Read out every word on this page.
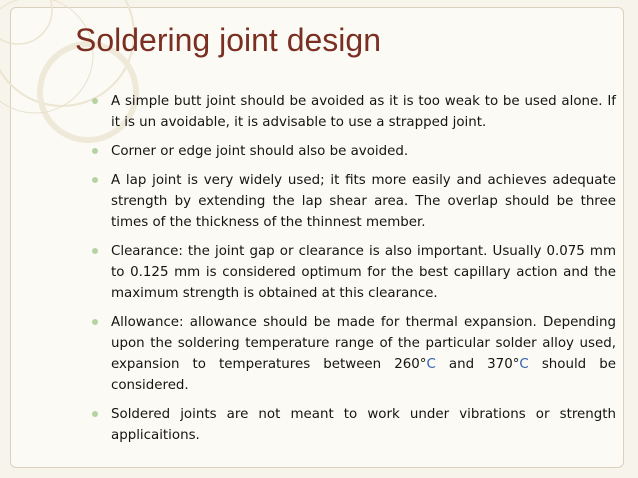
Soldering joint design
A simple butt joint should be avoided as it is too weak to be used alone. If it is un avoidable, it is advisable to use a strapped joint.
Corner or edge joint should also be avoided.
A lap joint is very widely used; it fits more easily and achieves adequate strength by extending the lap shear area. The overlap should be three times of the thickness of the thinnest member.
Clearance: the joint gap or clearance is also important. Usually 0.075 mm to 0.125 mm is considered optimum for the best capillary action and the maximum strength is obtained at this clearance.
Allowance: allowance should be made for thermal expansion. Depending upon the soldering temperature range of the particular solder alloy used, expansion to temperatures between 260°C and 370°C should be considered.
Soldered joints are not meant to work under vibrations or strength applicaitions.
